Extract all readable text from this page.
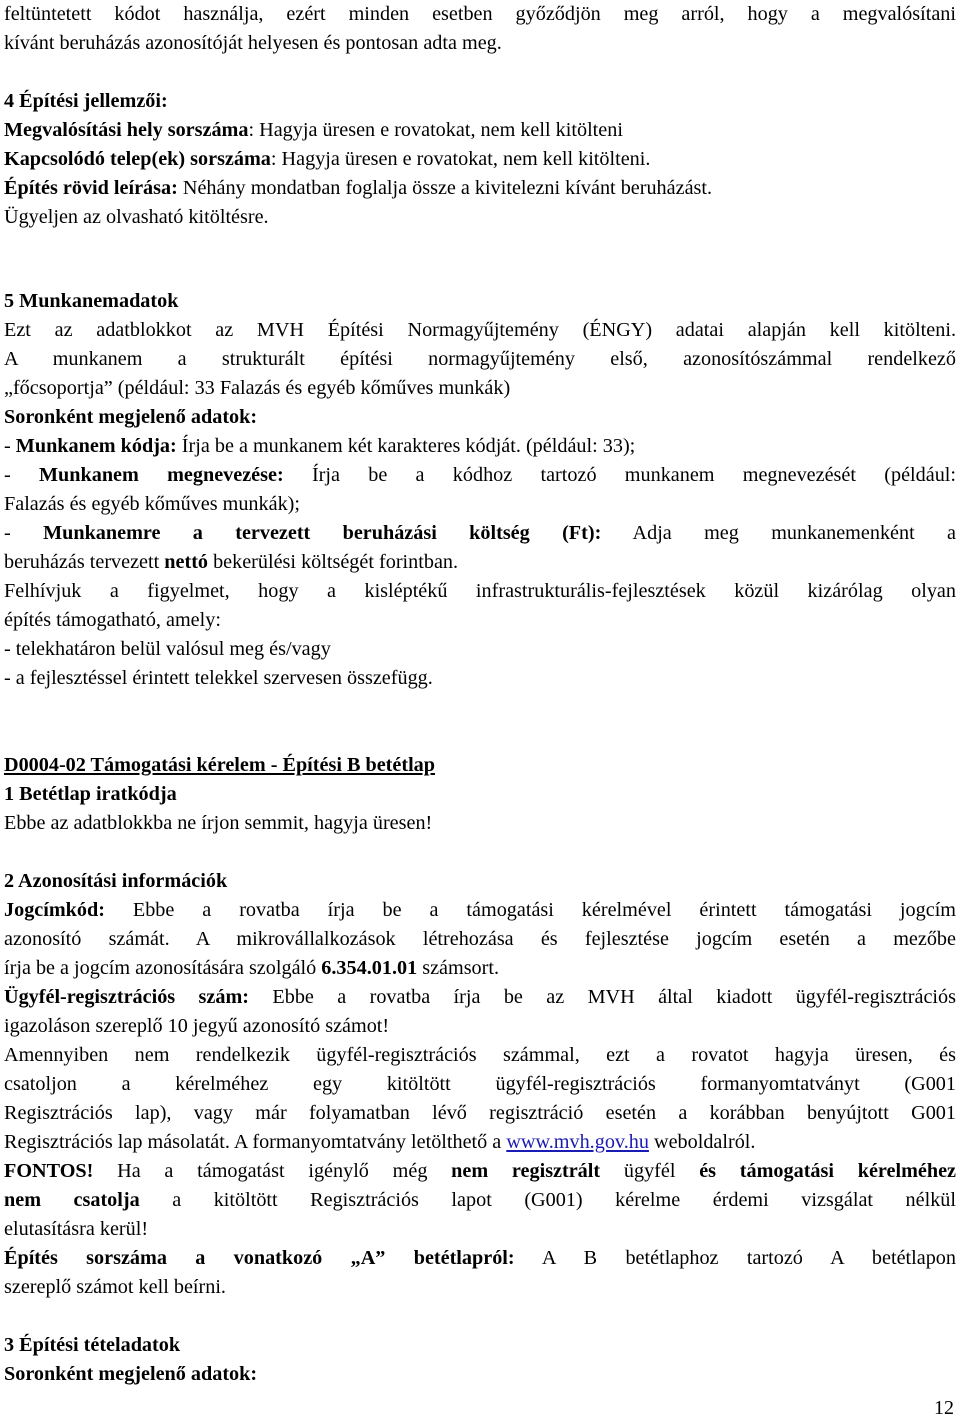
feltüntetett kódot használja, ezért minden esetben győződjön meg arról, hogy a megvalósítani
kívánt beruházás azonosítóját helyesen és pontosan adta meg.
4 Építési jellemzői:
Megvalósítási hely sorszáma: Hagyja üresen e rovatokat, nem kell kitölteni
Kapcsolódó telep(ek) sorszáma: Hagyja üresen e rovatokat, nem kell kitölteni.
Építés rövid leírása: Néhány mondatban foglalja össze a kivitelezni kívánt beruházást.
Ügyeljen az olvasható kitöltésre.
5 Munkanemadatok
Ezt az adatblokkot az MVH Építési Normagyűjtemény (ÉNGY) adatai alapján kell kitölteni.
A munkanem a strukturált építési normagyűjtemény első, azonosítószámmal rendelkező
„főcsoportja” (például: 33 Falazás és egyéb kőműves munkák)
Soronként megjelenő adatok:
- Munkanem kódja: Írja be a munkanem két karakteres kódját. (például: 33);
- Munkanem megnevezése: Írja be a kódhoz tartozó munkanem megnevezését (például:
Falazás és egyéb kőműves munkák);
- Munkanemre a tervezett beruházási költség (Ft): Adja meg munkanemenként a
beruházás tervezett nettó bekerülési költségét forintban.
Felhívjuk a figyelmet, hogy a kisléptékű infrastrukturális-fejlesztések közül kizárólag olyan
építés támogatható, amely:
- telekhatáron belül valósul meg és/vagy
- a fejlesztéssel érintett telekkel szervesen összefügg.
D0004-02 Támogatási kérelem - Építési B betétlap
1 Betétlap iratkódja
Ebbe az adatblokkba ne írjon semmit, hagyja üresen!
2 Azonosítási információk
Jogcímkód: Ebbe a rovatba írja be a támogatási kérelmével érintett támogatási jogcím
azonosító számát. A mikrovállalkozások létrehozása és fejlesztése jogcím esetén a mezőbe
írja be a jogcím azonosítására szolgáló 6.354.01.01 számsort.
Ügyfél-regisztrációs szám: Ebbe a rovatba írja be az MVH által kiadott ügyfél-regisztrációs
igazoláson szereplő 10 jegyű azonosító számot!
Amennyiben nem rendelkezik ügyfél-regisztrációs számmal, ezt a rovatot hagyja üresen, és
csatoljon a kérelméhez egy kitöltött ügyfél-regisztrációs formanyomtatványt (G001
Regisztrációs lap), vagy már folyamatban lévő regisztráció esetén a korábban benyújtott G001
Regisztrációs lap másolatát. A formanyomtatvány letölthető a www.mvh.gov.hu weboldalról.
FONTOS! Ha a támogatást igénylő még nem regisztrált ügyfél és támogatási kérelméhez
nem csatolja a kitöltött Regisztrációs lapot (G001) kérelme érdemi vizsgálat nélkül
elutasításra kerül!
Építés sorszáma a vonatkozó „A” betétlapról: A B betétlaphoz tartozó A betétlapon
szereplő számot kell beírni.
3 Építési tételadatok
Soronként megjelenő adatok:
12
